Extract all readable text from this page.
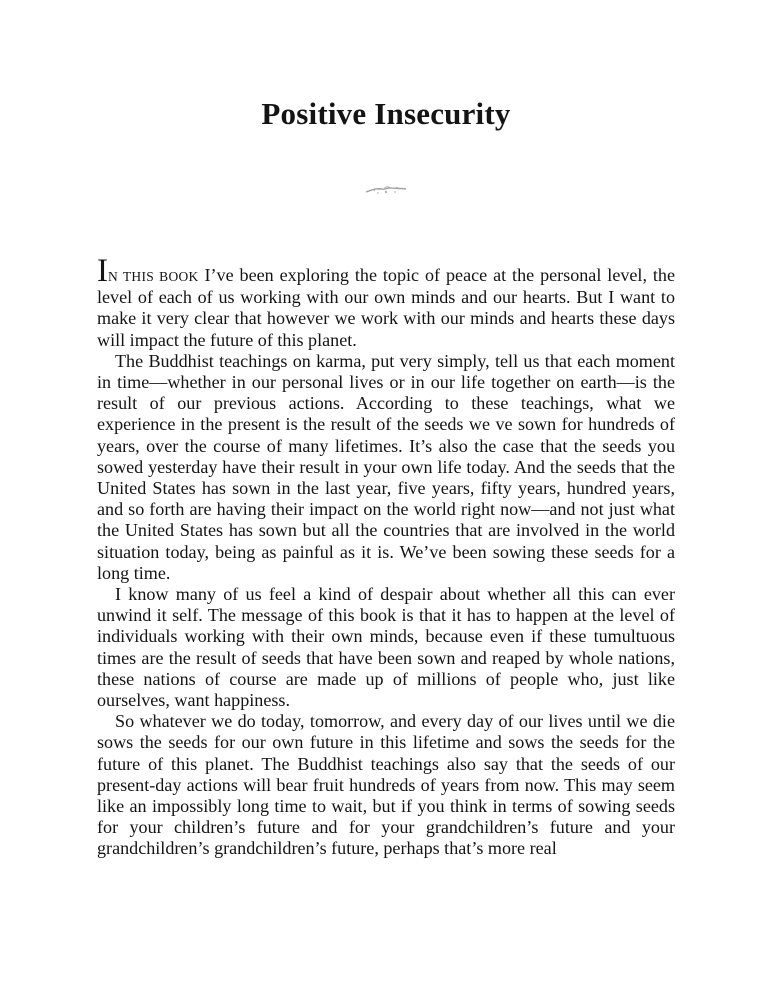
Positive Insecurity

IN THIS BOOK I’ve been exploring the topic of peace at the personal level, the level of each of us working with our own minds and our hearts. But I want to make it very clear that however we work with our minds and hearts these days will impact the future of this planet.

The Buddhist teachings on karma, put very simply, tell us that each moment in time—whether in our personal lives or in our life together on earth—is the result of our previous actions. According to these teachings, what we experience in the present is the result of the seeds we ve sown for hundreds of years, over the course of many lifetimes. It’s also the case that the seeds you sowed yesterday have their result in your own life today. And the seeds that the United States has sown in the last year, five years, fifty years, hundred years, and so forth are having their impact on the world right now—and not just what the United States has sown but all the countries that are involved in the world situation today, being as painful as it is. We’ve been sowing these seeds for a long time.

I know many of us feel a kind of despair about whether all this can ever unwind it self. The message of this book is that it has to happen at the level of individuals working with their own minds, because even if these tumultuous times are the result of seeds that have been sown and reaped by whole nations, these nations of course are made up of millions of people who, just like ourselves, want happiness.

So whatever we do today, tomorrow, and every day of our lives until we die sows the seeds for our own future in this lifetime and sows the seeds for the future of this planet. The Buddhist teachings also say that the seeds of our present-day actions will bear fruit hundreds of years from now. This may seem like an impossibly long time to wait, but if you think in terms of sowing seeds for your children’s future and for your grandchildren’s future and your grandchildren’s grandchildren’s future, perhaps that’s more real
